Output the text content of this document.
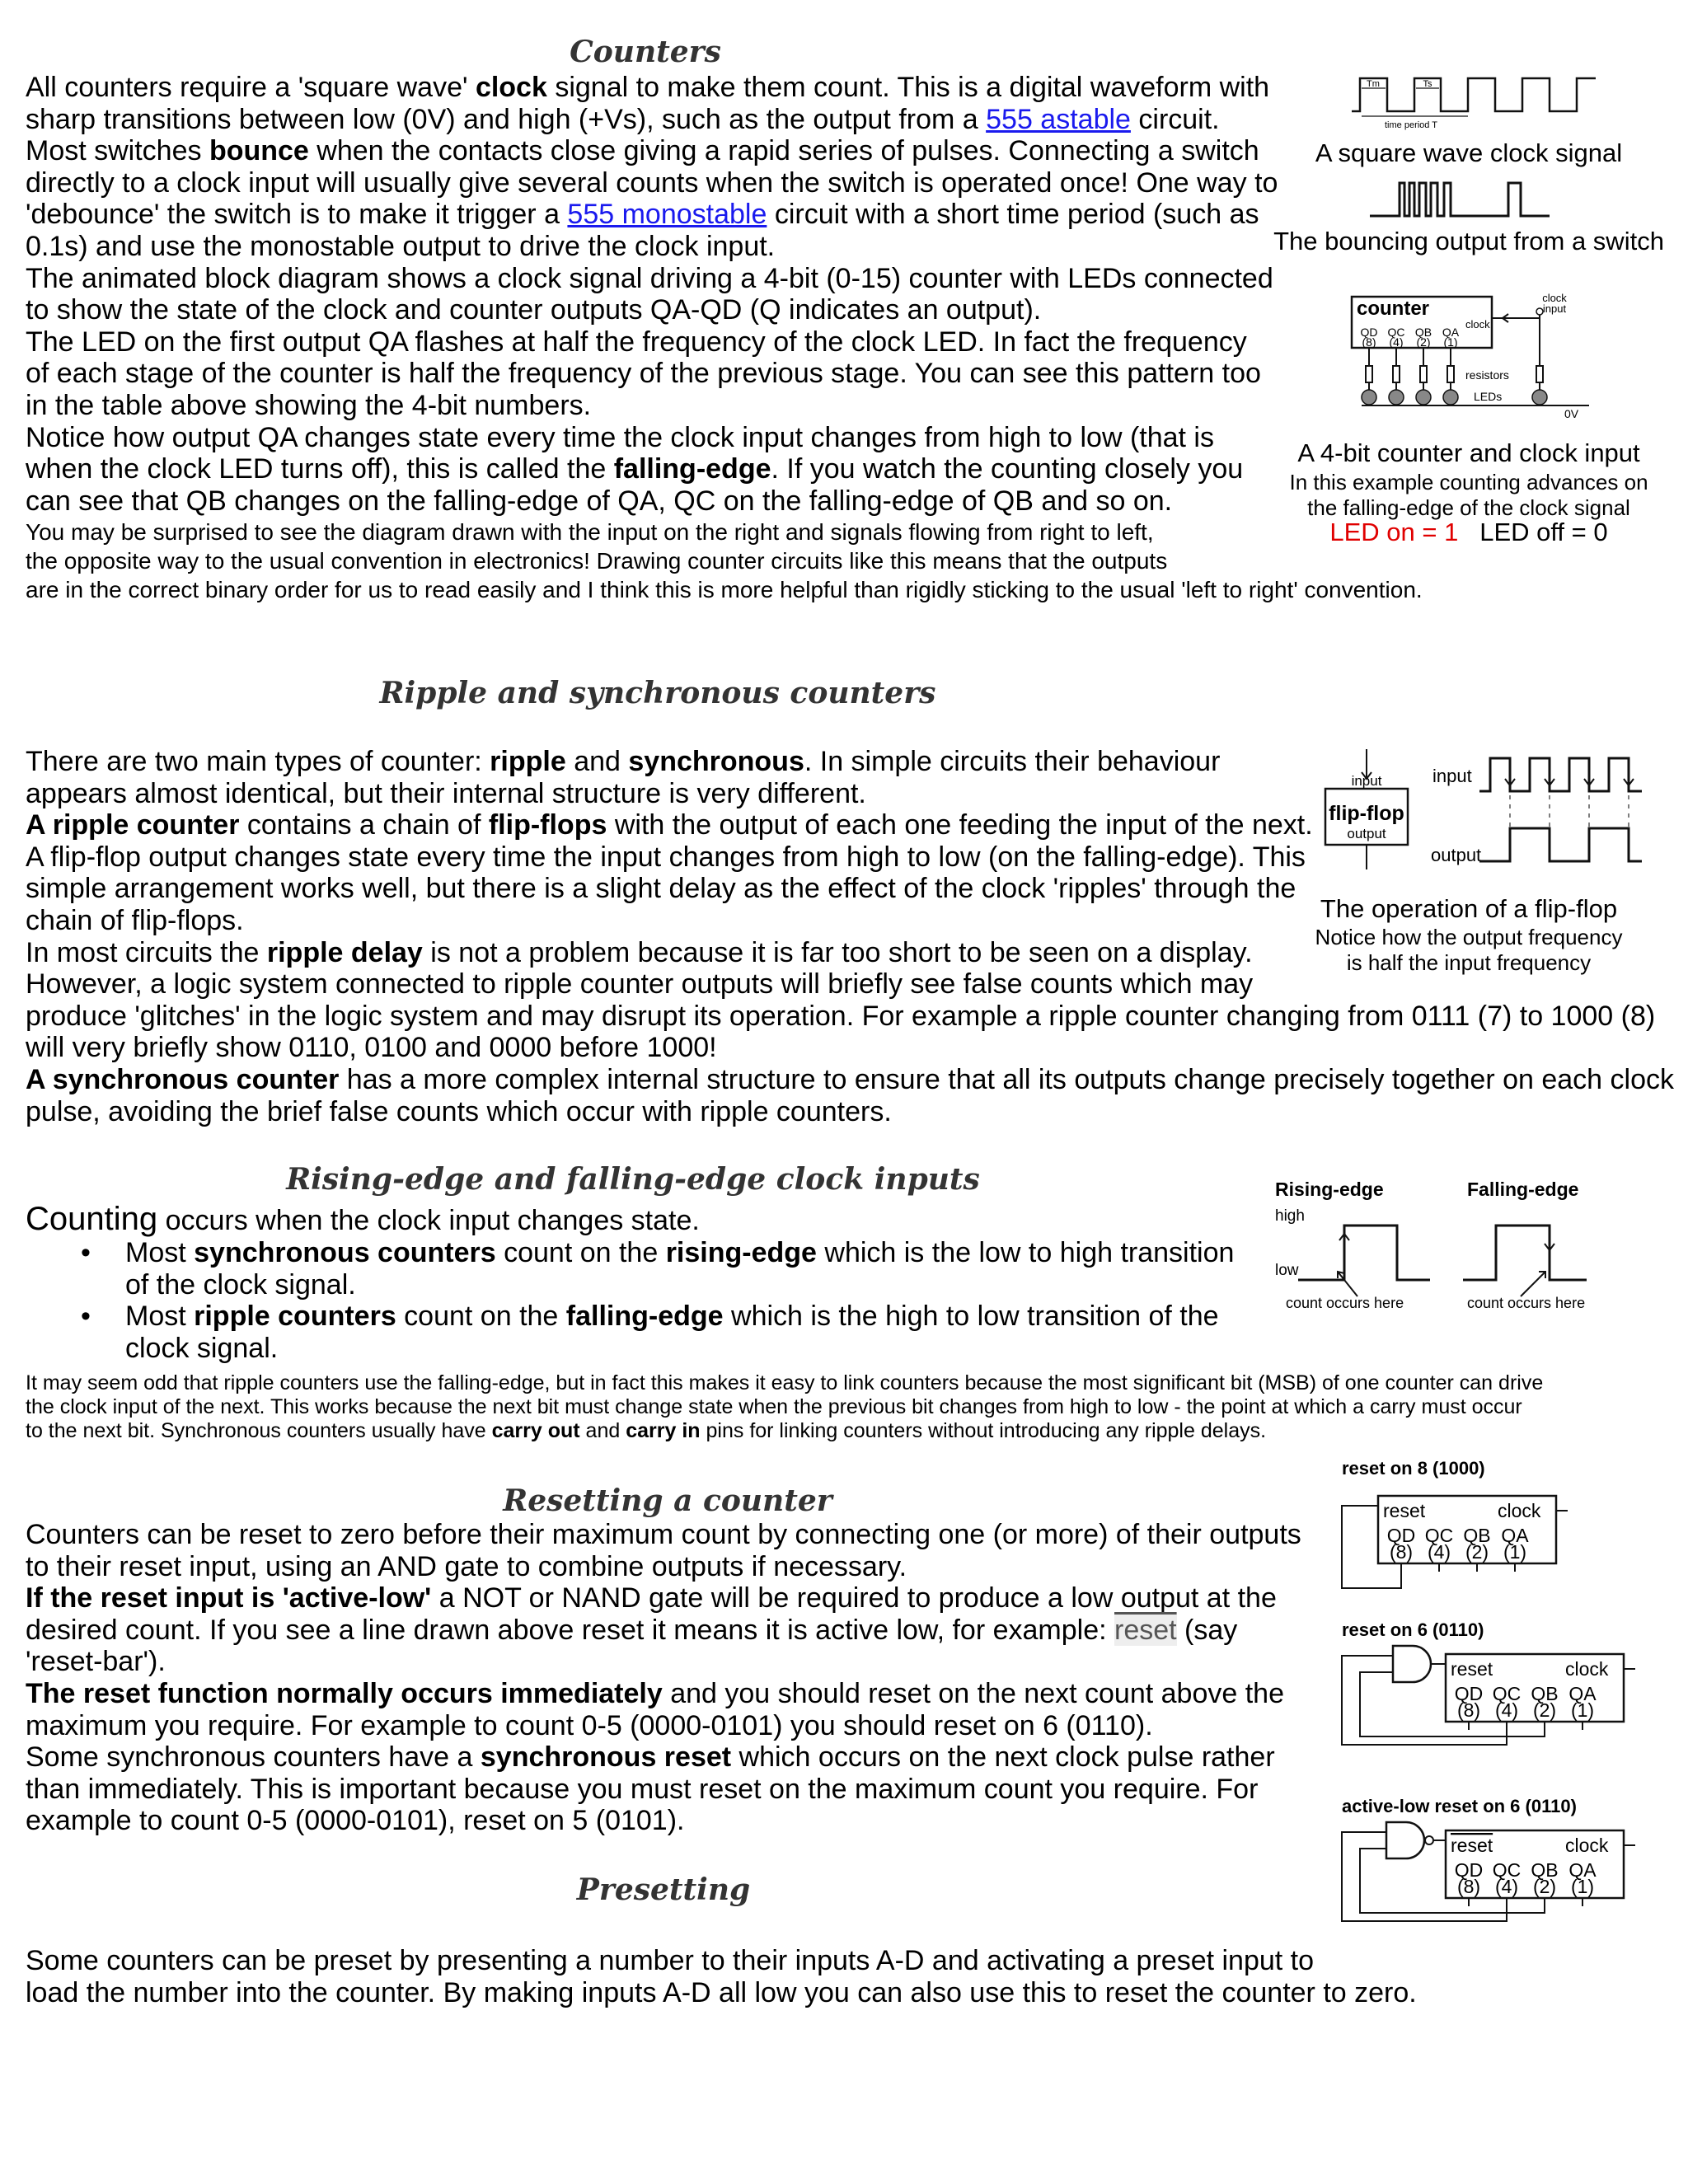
Counters

All counters require a 'square wave' clock signal to make them count. This is a digital waveform with

sharp transitions between low (0V) and high (+Vs), such as the output from a 555 astable circuit.

Most switches bounce when the contacts close giving a rapid series of pulses. Connecting a switch

directly to a clock input will usually give several counts when the switch is operated once! One way to

'debounce' the switch is to make it trigger a 555 monostable circuit with a short time period (such as

0.1s) and use the monostable output to drive the clock input.

The animated block diagram shows a clock signal driving a 4-bit (0-15) counter with LEDs connected

to show the state of the clock and counter outputs QA-QD (Q indicates an output).

The LED on the first output QA flashes at half the frequency of the clock LED. In fact the frequency

of each stage of the counter is half the frequency of the previous stage. You can see this pattern too

in the table above showing the 4-bit numbers.

Notice how output QA changes state every time the clock input changes from high to low (that is

when the clock LED turns off), this is called the falling-edge. If you watch the counting closely you

can see that QB changes on the falling-edge of QA, QC on the falling-edge of QB and so on.

You may be surprised to see the diagram drawn with the input on the right and signals flowing from right to left,

the opposite way to the usual convention in electronics! Drawing counter circuits like this means that the outputs

are in the correct binary order for us to read easily and I think this is more helpful than rigidly sticking to the usual 'left to right' convention.

Tm	Ts
time period T
A square wave clock signal
The bouncing output from a switch
counter
clock
clock
input
QD QC QB QA
(8) (4) (2) (1)
resistors
LEDs
0V
A 4-bit counter and clock input
In this example counting advances on
the falling-edge of the clock signal
LED on = 1 LED off = 0
Ripple and synchronous counters

There are two main types of counter: ripple and synchronous. In simple circuits their behaviour

appears almost identical, but their internal structure is very different.

A ripple counter contains a chain of flip-flops with the output of each one feeding the input of the next.

A flip-flop output changes state every time the input changes from high to low (on the falling-edge). This

simple arrangement works well, but there is a slight delay as the effect of the clock 'ripples' through the

chain of flip-flops.

In most circuits the ripple delay is not a problem because it is far too short to be seen on a display.

However, a logic system connected to ripple counter outputs will briefly see false counts which may

produce 'glitches' in the logic system and may disrupt its operation. For example a ripple counter changing from 0111 (7) to 1000 (8)

will very briefly show 0110, 0100 and 0000 before 1000!

A synchronous counter has a more complex internal structure to ensure that all its outputs change precisely together on each clock

pulse, avoiding the brief false counts which occur with ripple counters.

input
flip-flop
output
input
output
The operation of a flip-flop
Notice how the output frequency
is half the input frequency
Rising-edge and falling-edge clock inputs
Counting occurs when the clock input changes state.
• Most synchronous counters count on the rising-edge which is the low to high transition
of the clock signal.
• Most ripple counters count on the falling-edge which is the high to low transition of the
clock signal.

It may seem odd that ripple counters use the falling-edge, but in fact this makes it easy to link counters because the most significant bit (MSB) of one counter can drive

the clock input of the next. This works because the next bit must change state when the previous bit changes from high to low - the point at which a carry must occur

to the next bit. Synchronous counters usually have carry out and carry in pins for linking counters without introducing any ripple delays.

Rising-edge	Falling-edge
high
low
count occurs here	count occurs here
Resetting a counter

Counters can be reset to zero before their maximum count by connecting one (or more) of their outputs

to their reset input, using an AND gate to combine outputs if necessary.

If the reset input is 'active-low' a NOT or NAND gate will be required to produce a low output at the

desired count. If you see a line drawn above reset it means it is active low, for example: reset (say

'reset-bar').

The reset function normally occurs immediately and you should reset on the next count above the

maximum you require. For example to count 0-5 (0000-0101) you should reset on 6 (0110).

Some synchronous counters have a synchronous reset which occurs on the next clock pulse rather

than immediately. This is important because you must reset on the maximum count you require. For

example to count 0-5 (0000-0101), reset on 5 (0101).

reset on 8 (1000)
reset	clock
QD QC QB QA
(8) (4) (2) (1)
reset on 6 (0110)
reset	clock
QD QC QB QA
(8) (4) (2) (1)
active-low reset on 6 (0110)
reset	clock
QD QC QB QA
(8) (4) (2) (1)
Presetting

Some counters can be preset by presenting a number to their inputs A-D and activating a preset input to

load the number into the counter. By making inputs A-D all low you can also use this to reset the counter to zero.
